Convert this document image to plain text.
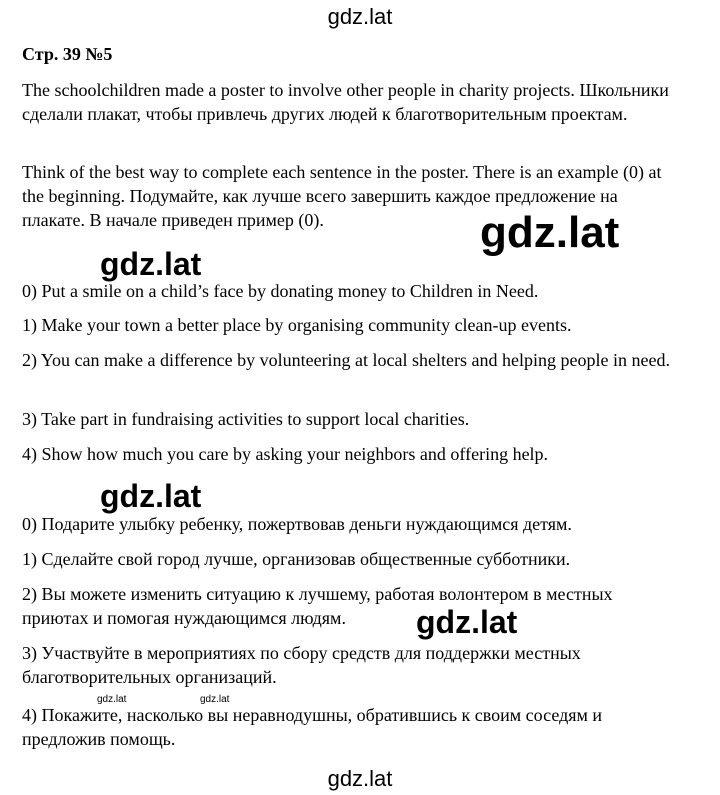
gdz.lat
Стр. 39 №5

The schoolchildren made a poster to involve other people in charity projects. Школьники сделали плакат, чтобы привлечь других людей к благотворительным проектам.

Think of the best way to complete each sentence in the poster. There is an example (0) at the beginning. Подумайте, как лучше всего завершить каждое предложение на плакате. В начале приведен пример (0).	gdz.lat
gdz.lat

0) Put a smile on a child’s face by donating money to Children in Need.

1) Make your town a better place by organising community clean-up events.

2) You can make a difference by volunteering at local shelters and helping people in need.

3) Take part in fundraising activities to support local charities.

4) Show how much you care by asking your neighbors and offering help.

gdz.lat

0) Подарите улыбку ребенку, пожертвовав деньги нуждающимся детям.

1) Сделайте свой город лучше, организовав общественные субботники.

2) Вы можете изменить ситуацию к лучшему, работая волонтером в местных приютах и помогая нуждающимся людям.

3) Участвуйте в мероприятиях по сбору средств для поддержки местных благотворительных организаций.

4) Покажите, насколько вы неравнодушны, обратившись к своим соседям и предложив помощь.

gdz.lat
gdz.lat	gdz.lat
gdz.lat
